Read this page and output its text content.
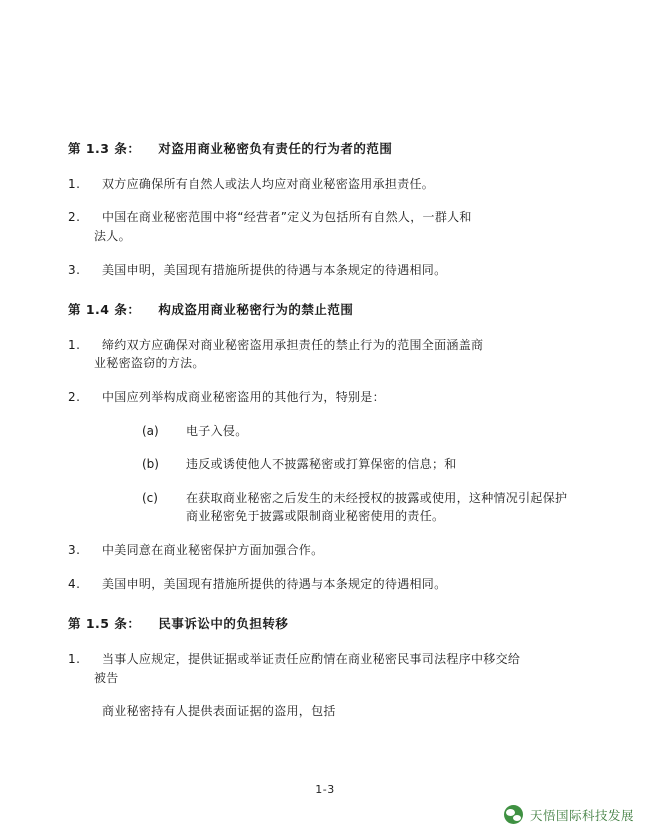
第 1.3 条： 对盗用商业秘密负有责任的行为者的范围
1.	双方应确保所有自然人或法人均应对商业秘密盗用承担责任。
2.	中国在商业秘密范围中将“经营者”定义为包括所有自然人，一群人和

法人。
3.	美国申明，美国现有措施所提供的待遇与本条规定的待遇相同。
第 1.4 条： 构成盗用商业秘密行为的禁止范围
1.	缔约双方应确保对商业秘密盗用承担责任的禁止行为的范围全面涵盖商

业秘密盗窃的方法。
2.	中国应列举构成商业秘密盗用的其他行为，特别是：
(a)	电子入侵。
(b)	违反或诱使他人不披露秘密或打算保密的信息；和
(c)	在获取商业秘密之后发生的未经授权的披露或使用，这种情况引起保护
商业秘密免于披露或限制商业秘密使用的责任。
3.	中美同意在商业秘密保护方面加强合作。
4.	美国申明，美国现有措施所提供的待遇与本条规定的待遇相同。
第 1.5 条： 民事诉讼中的负担转移
1.	当事人应规定，提供证据或举证责任应酌情在商业秘密民事司法程序中移交给

被告
商业秘密持有人提供表面证据的盗用，包括
1-3
天悟国际科技发展
